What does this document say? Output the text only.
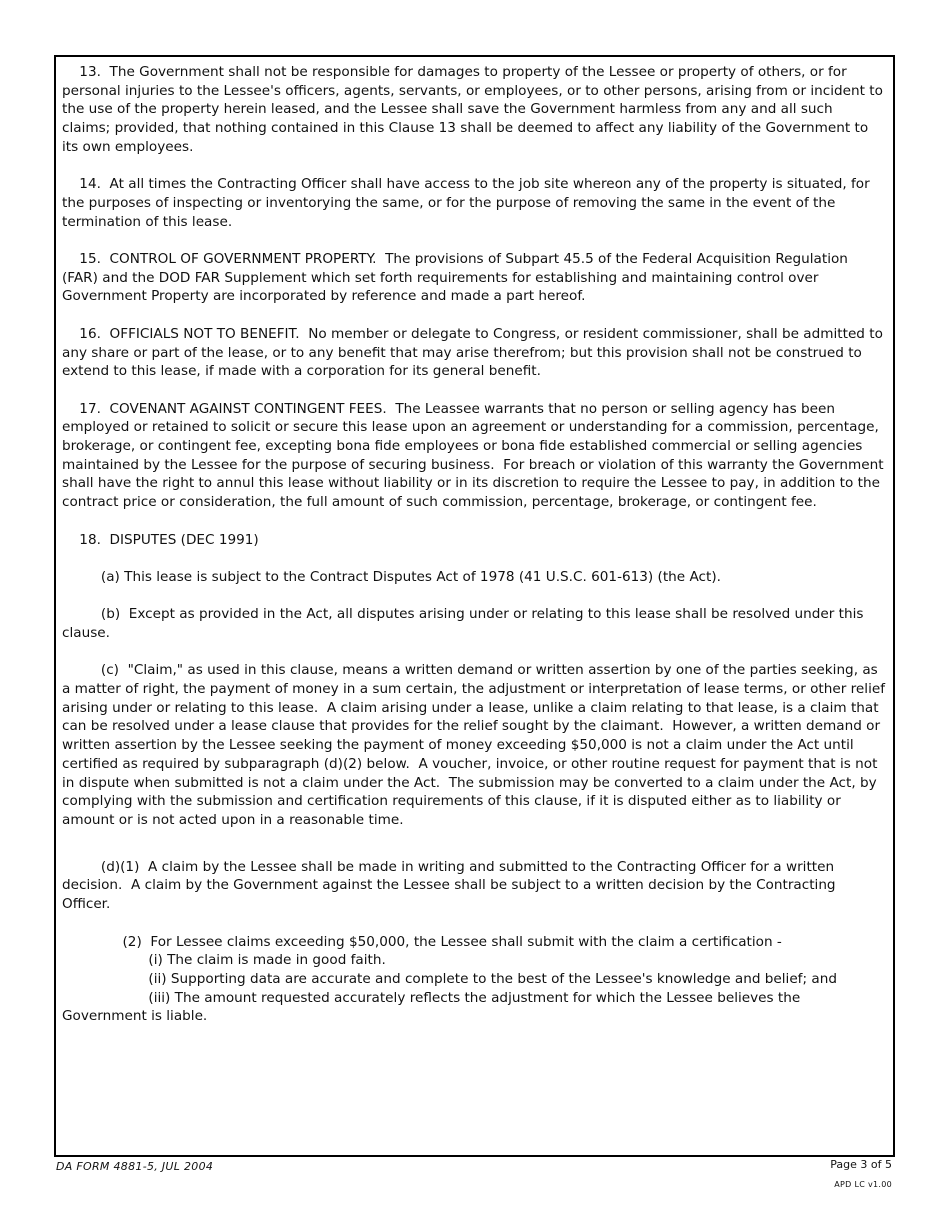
13.  The Government shall not be responsible for damages to property of the Lessee or property of others, or for personal injuries to the Lessee's officers, agents, servants, or employees, or to other persons, arising from or incident to the use of the property herein leased, and the Lessee shall save the Government harmless from any and all such claims; provided, that nothing contained in this Clause 13 shall be deemed to affect any liability of the Government to its own employees.

14.  At all times the Contracting Officer shall have access to the job site whereon any of the property is situated, for the purposes of inspecting or inventorying the same, or for the purpose of removing the same in the event of the termination of this lease.

15.  CONTROL OF GOVERNMENT PROPERTY.  The provisions of Subpart 45.5 of the Federal Acquisition Regulation (FAR) and the DOD FAR Supplement which set forth requirements for establishing and maintaining control over Government Property are incorporated by reference and made a part hereof.

16.  OFFICIALS NOT TO BENEFIT.  No member or delegate to Congress, or resident commissioner, shall be admitted to any share or part of the lease, or to any benefit that may arise therefrom; but this provision shall not be construed to extend to this lease, if made with a corporation for its general benefit.

17.  COVENANT AGAINST CONTINGENT FEES.  The Leassee warrants that no person or selling agency has been employed or retained to solicit or secure this lease upon an agreement or understanding for a commission, percentage, brokerage, or contingent fee, excepting bona fide employees or bona fide established commercial or selling agencies maintained by the Lessee for the purpose of securing business.  For breach or violation of this warranty the Government shall have the right to annul this lease without liability or in its discretion to require the Lessee to pay, in addition to the contract price or consideration, the full amount of such commission, percentage, brokerage, or contingent fee.

18.  DISPUTES (DEC 1991)

(a) This lease is subject to the Contract Disputes Act of 1978 (41 U.S.C. 601-613) (the Act).

(b)  Except as provided in the Act, all disputes arising under or relating to this lease shall be resolved under this clause.

(c)  "Claim," as used in this clause, means a written demand or written assertion by one of the parties seeking, as a matter of right, the payment of money in a sum certain, the adjustment or interpretation of lease terms, or other relief arising under or relating to this lease.  A claim arising under a lease, unlike a claim relating to that lease, is a claim that can be resolved under a lease clause that provides for the relief sought by the claimant.  However, a written demand or written assertion by the Lessee seeking the payment of money exceeding $50,000 is not a claim under the Act until certified as required by subparagraph (d)(2) below.  A voucher, invoice, or other routine request for payment that is not in dispute when submitted is not a claim under the Act.  The submission may be converted to a claim under the Act, by complying with the submission and certification requirements of this clause, if it is disputed either as to liability or amount or is not acted upon in a reasonable time.

(d)(1)  A claim by the Lessee shall be made in writing and submitted to the Contracting Officer for a written decision.  A claim by the Government against the Lessee shall be subject to a written decision by the Contracting Officer.

(2)  For Lessee claims exceeding $50,000, the Lessee shall submit with the claim a certification -

(i) The claim is made in good faith.

(ii) Supporting data are accurate and complete to the best of the Lessee's knowledge and belief; and

(iii) The amount requested accurately reflects the adjustment for which the Lessee believes the Government is liable.

DA FORM 4881-5, JUL 2004	Page 3 of 5
APD LC v1.00
